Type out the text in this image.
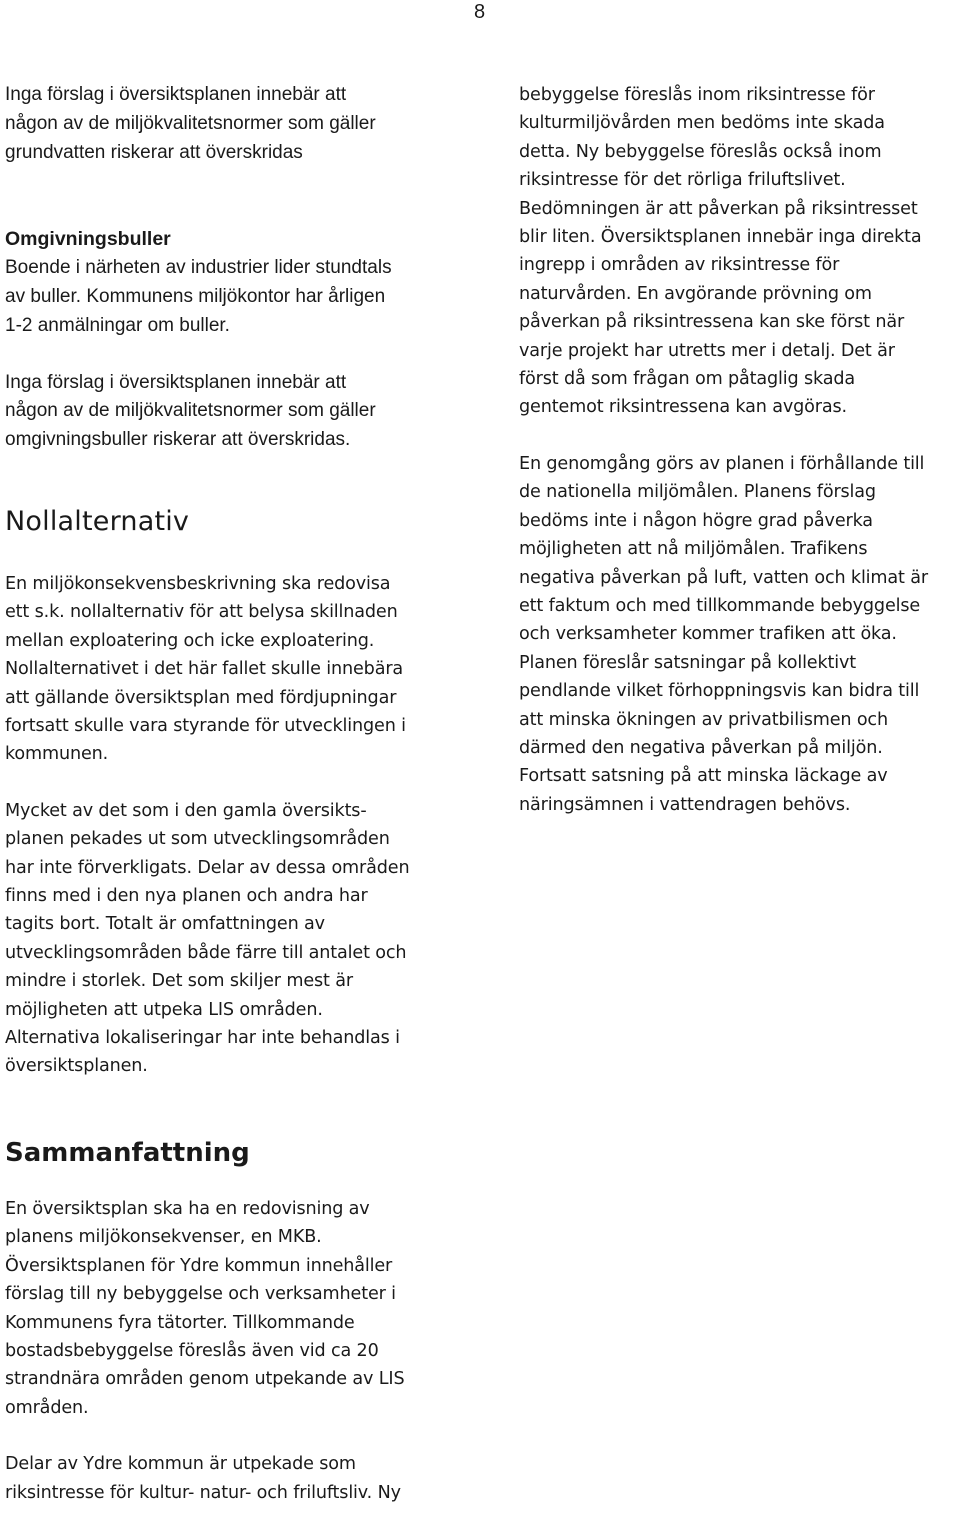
8
Inga förslag i översiktsplanen innebär att
någon av de miljökvalitetsnormer som gäller
grundvatten riskerar att överskridas
Omgivningsbuller
Boende i närheten av industrier lider stundtals
av buller. Kommunens miljökontor har årligen
1-2 anmälningar om buller.
Inga förslag i översiktsplanen innebär att
någon av de miljökvalitetsnormer som gäller
omgivningsbuller riskerar att överskridas.
Nollalternativ
En miljökonsekvensbeskrivning ska redovisa
ett s.k. nollalternativ för att belysa skillnaden
mellan exploatering och icke exploatering.
Nollalternativet i det här fallet skulle innebära
att gällande översiktsplan med fördjupningar
fortsatt skulle vara styrande för utvecklingen i
kommunen.
Mycket av det som i den gamla översikts-
planen pekades ut som utvecklingsområden
har inte förverkligats. Delar av dessa områden
finns med i den nya planen och andra har
tagits bort. Totalt är omfattningen av
utvecklingsområden både färre till antalet och
mindre i storlek. Det som skiljer mest är
möjligheten att utpeka LIS områden.
Alternativa lokaliseringar har inte behandlas i
översiktsplanen.
Sammanfattning
En översiktsplan ska ha en redovisning av
planens miljökonsekvenser, en MKB.
Översiktsplanen för Ydre kommun innehåller
förslag till ny bebyggelse och verksamheter i
Kommunens fyra tätorter. Tillkommande
bostadsbebyggelse föreslås även vid ca 20
strandnära områden genom utpekande av LIS
områden.
Delar av Ydre kommun är utpekade som
riksintresse för kultur- natur- och friluftsliv. Ny
bebyggelse föreslås inom riksintresse för
kulturmiljövården men bedöms inte skada
detta. Ny bebyggelse föreslås också inom
riksintresse för det rörliga friluftslivet.
Bedömningen är att påverkan på riksintresset
blir liten. Översiktsplanen innebär inga direkta
ingrepp i områden av riksintresse för
naturvården. En avgörande prövning om
påverkan på riksintressena kan ske först när
varje projekt har utretts mer i detalj. Det är
först då som frågan om påtaglig skada
gentemot riksintressena kan avgöras.
En genomgång görs av planen i förhållande till
de nationella miljömålen. Planens förslag
bedöms inte i någon högre grad påverka
möjligheten att nå miljömålen. Trafikens
negativa påverkan på luft, vatten och klimat är
ett faktum och med tillkommande bebyggelse
och verksamheter kommer trafiken att öka.
Planen föreslår satsningar på kollektivt
pendlande vilket förhoppningsvis kan bidra till
att minska ökningen av privatbilismen och
därmed den negativa påverkan på miljön.
Fortsatt satsning på att minska läckage av
näringsämnen i vattendragen behövs.
